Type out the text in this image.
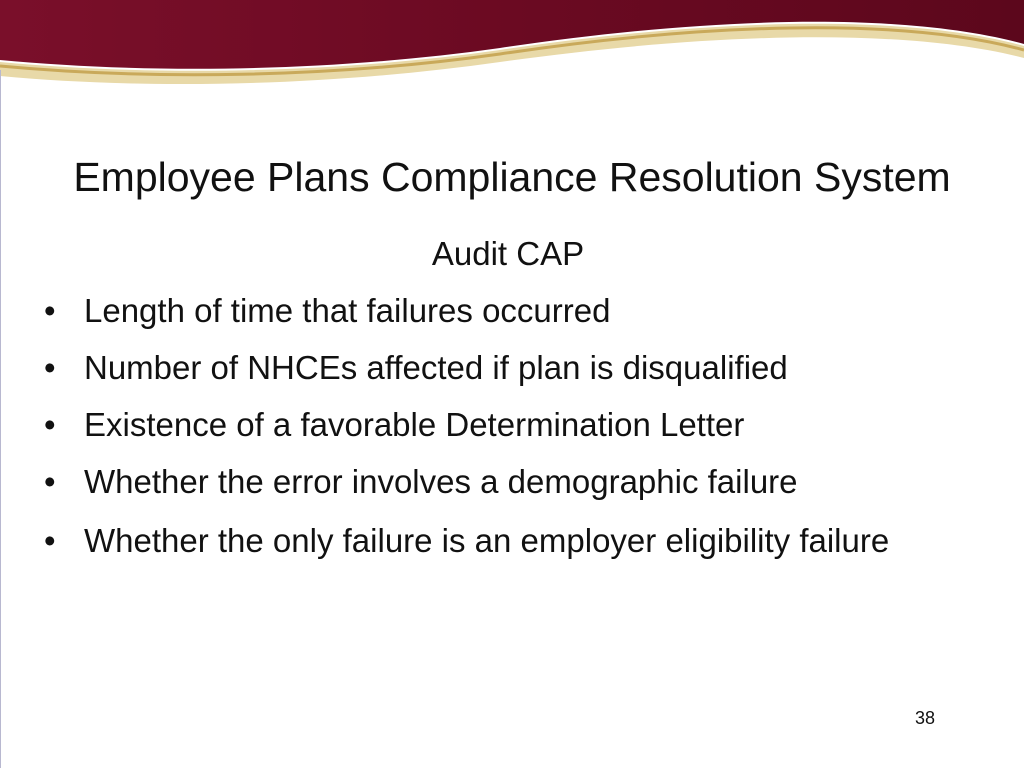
Employee Plans Compliance Resolution System
Audit CAP
• Length of time that failures occurred
• Number of NHCEs affected if plan is disqualified
• Existence of a favorable Determination Letter
• Whether the error involves a demographic failure
• Whether the only failure is an employer eligibility failure
38
